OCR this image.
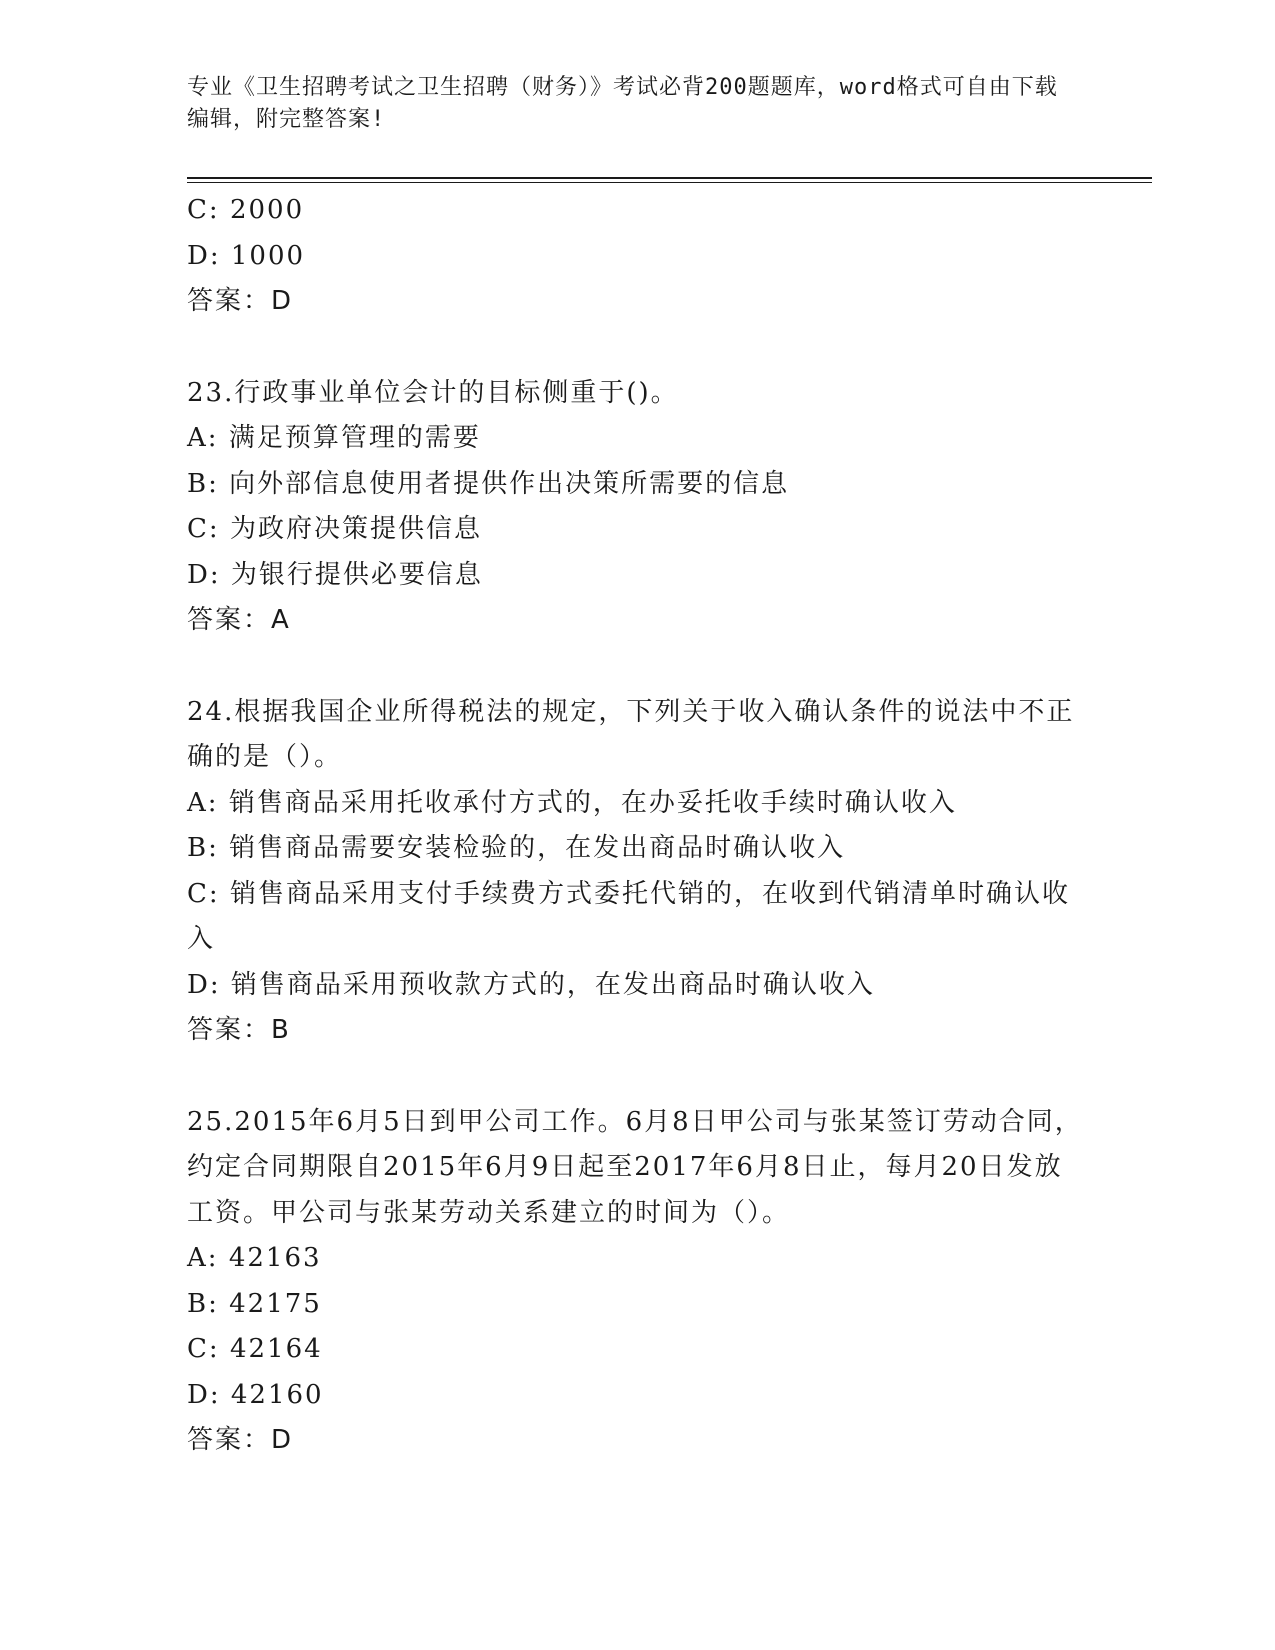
专业《卫生招聘考试之卫生招聘（财务）》考试必背200题题库，word格式可自由下载编辑，附完整答案!
C: 2000
D: 1000
答案：D
23.行政事业单位会计的目标侧重于()。
A: 满足预算管理的需要
B: 向外部信息使用者提供作出决策所需要的信息
C: 为政府决策提供信息
D: 为银行提供必要信息
答案：A
24.根据我国企业所得税法的规定，下列关于收入确认条件的说法中不正确的是（）。
A: 销售商品采用托收承付方式的，在办妥托收手续时确认收入
B: 销售商品需要安装检验的，在发出商品时确认收入
C: 销售商品采用支付手续费方式委托代销的，在收到代销清单时确认收入
D: 销售商品采用预收款方式的，在发出商品时确认收入
答案：B
25.2015年6月5日到甲公司工作。6月8日甲公司与张某签订劳动合同，约定合同期限自2015年6月9日起至2017年6月8日止，每月20日发放工资。甲公司与张某劳动关系建立的时间为（）。
A: 42163
B: 42175
C: 42164
D: 42160
答案：D
